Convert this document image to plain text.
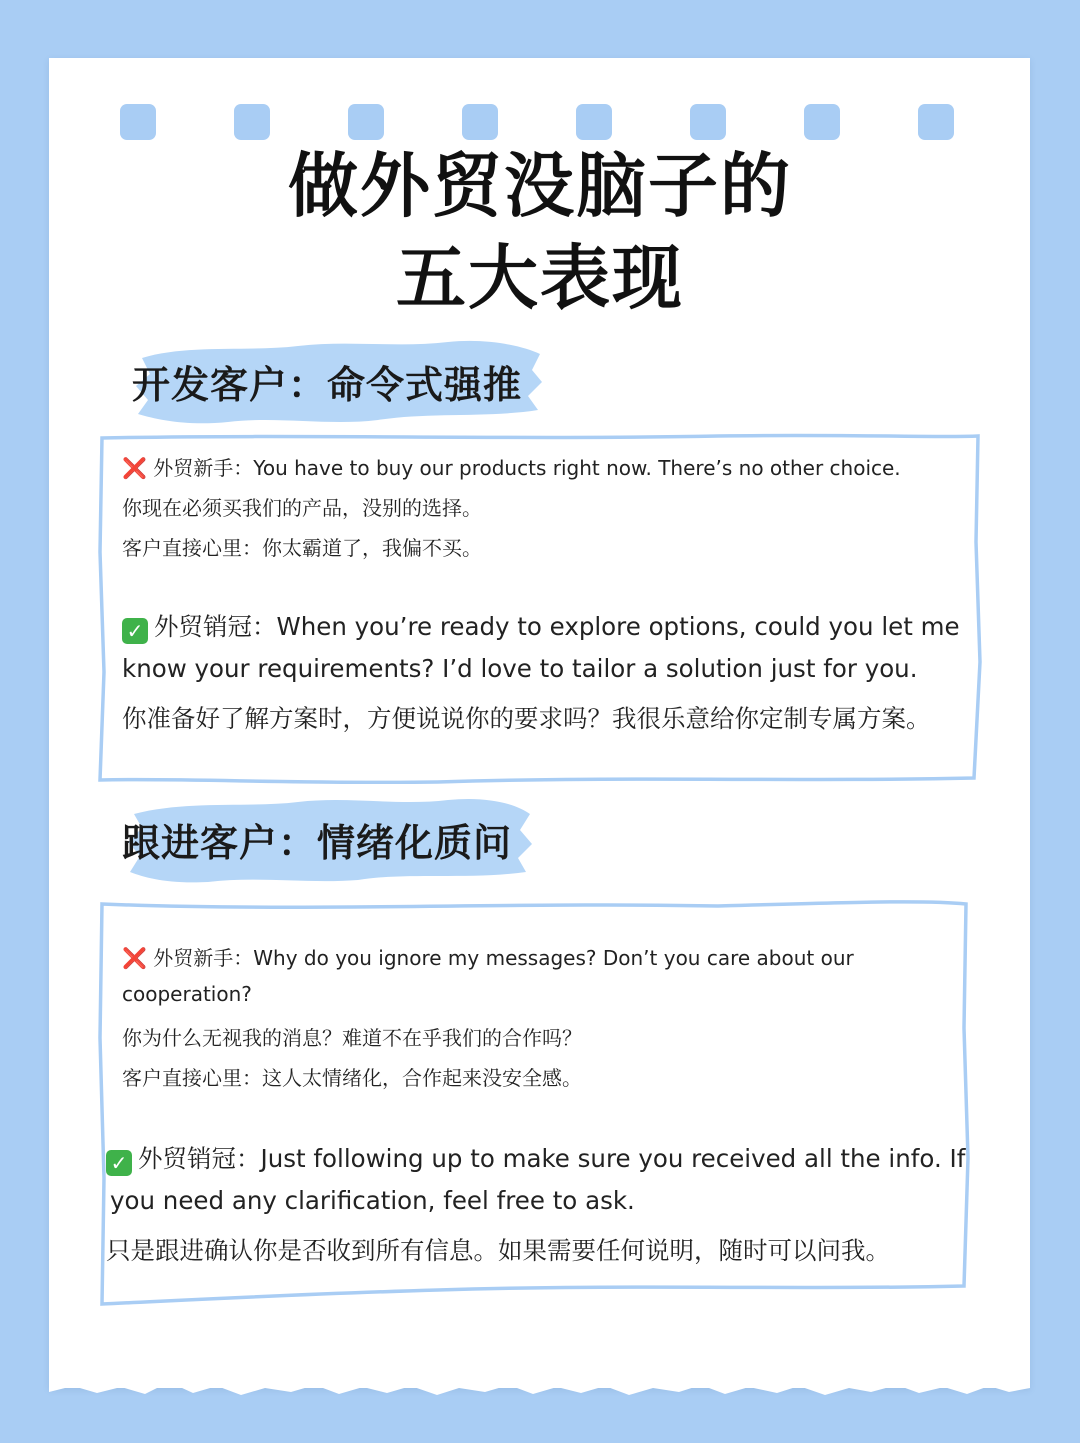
做外贸没脑子的
五大表现
开发客户：命令式强推
❌ 外贸新手：You have to buy our products right now. There’s no other choice.
你现在必须买我们的产品，没别的选择。
客户直接心里：你太霸道了，我偏不买。
✓ 外贸销冠：When you’re ready to explore options, could you let me
know your requirements? I’d love to tailor a solution just for you.
你准备好了解方案时，方便说说你的要求吗？我很乐意给你定制专属方案。
跟进客户：情绪化质问
❌ 外贸新手：Why do you ignore my messages? Don’t you care about our
cooperation?
你为什么无视我的消息？难道不在乎我们的合作吗？
客户直接心里：这人太情绪化，合作起来没安全感。
✓ 外贸销冠：Just following up to make sure you received all the info. If
you need any clarification, feel free to ask.
只是跟进确认你是否收到所有信息。如果需要任何说明，随时可以问我。
